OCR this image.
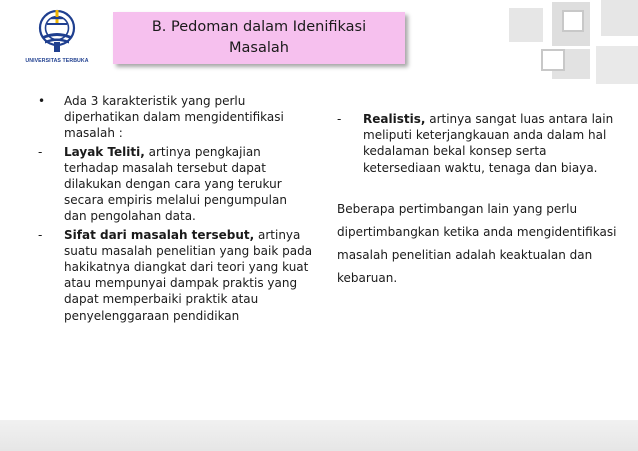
UNIVERSITAS TERBUKA
B. Pedoman dalam Idenifikasi
Masalah
•	Ada 3 karakteristik yang perlu diperhatikan dalam mengidentifikasi masalah :
-	Layak Teliti, artinya pengkajian terhadap masalah tersebut dapat dilakukan dengan cara yang terukur secara empiris melalui pengumpulan dan pengolahan data.
-	Sifat dari masalah tersebut, artinya suatu masalah penelitian yang baik pada hakikatnya diangkat dari teori yang kuat atau mempunyai dampak praktis yang dapat memperbaiki praktik atau penyelenggaraan pendidikan
-	Realistis, artinya sangat luas antara lain meliputi keterjangkauan anda dalam hal kedalaman bekal konsep serta ketersediaan waktu, tenaga dan biaya.
Beberapa pertimbangan lain yang perlu dipertimbangkan ketika anda mengidentifikasi masalah penelitian adalah keaktualan dan kebaruan.
